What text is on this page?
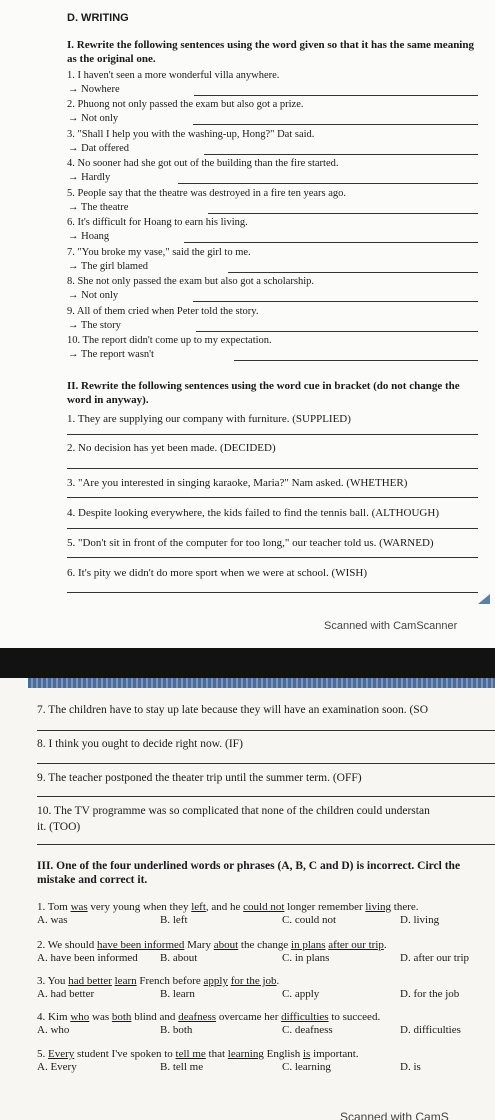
D. WRITING
I. Rewrite the following sentences using the word given so that it has the same meaning as the original one.
1. I haven't seen a more wonderful villa anywhere.
→ Nowhere
2. Phuong not only passed the exam but also got a prize.
→ Not only
3. "Shall I help you with the washing-up, Hong?" Dat said.
→ Dat offered
4. No sooner had she got out of the building than the fire started.
→ Hardly
5. People say that the theatre was destroyed in a fire ten years ago.
→ The theatre
6. It's difficult for Hoang to earn his living.
→ Hoang
7. "You broke my vase," said the girl to me.
→ The girl blamed
8. She not only passed the exam but also got a scholarship.
→ Not only
9. All of them cried when Peter told the story.
→ The story
10. The report didn't come up to my expectation.
→ The report wasn't
II. Rewrite the following sentences using the word cue in bracket (do not change the word in anyway).
1. They are supplying our company with furniture. (SUPPLIED)
2. No decision has yet been made. (DECIDED)
3. "Are you interested in singing karaoke, Maria?" Nam asked. (WHETHER)
4. Despite looking everywhere, the kids failed to find the tennis ball. (ALTHOUGH)
5. "Don't sit in front of the computer for too long," our teacher told us. (WARNED)
6. It's pity we didn't do more sport when we were at school. (WISH)
Scanned with CamScanner
7. The children have to stay up late because they will have an examination soon. (SO
8. I think you ought to decide right now. (IF)
9. The teacher postponed the theater trip until the summer term. (OFF)
10. The TV programme was so complicated that none of the children could understan
it. (TOO)
III. One of the four underlined words or phrases (A, B, C and D) is incorrect. Circl the mistake and correct it.
1. Tom was very young when they left, and he could not longer remember living there.
A. was	B. left	C. could not	D. living
2. We should have been informed Mary about the change in plans after our trip.
A. have been informed B. about	C. in plans	D. after our trip
3. You had better learn French before apply for the job.
A. had better	B. learn	C. apply	D. for the job
4. Kim who was both blind and deafness overcame her difficulties to succeed.
A. who	B. both	C. deafness	D. difficulties
5. Every student I've spoken to tell me that learning English is important.
A. Every	B. tell me	C. learning	D. is
Scanned with CamS
